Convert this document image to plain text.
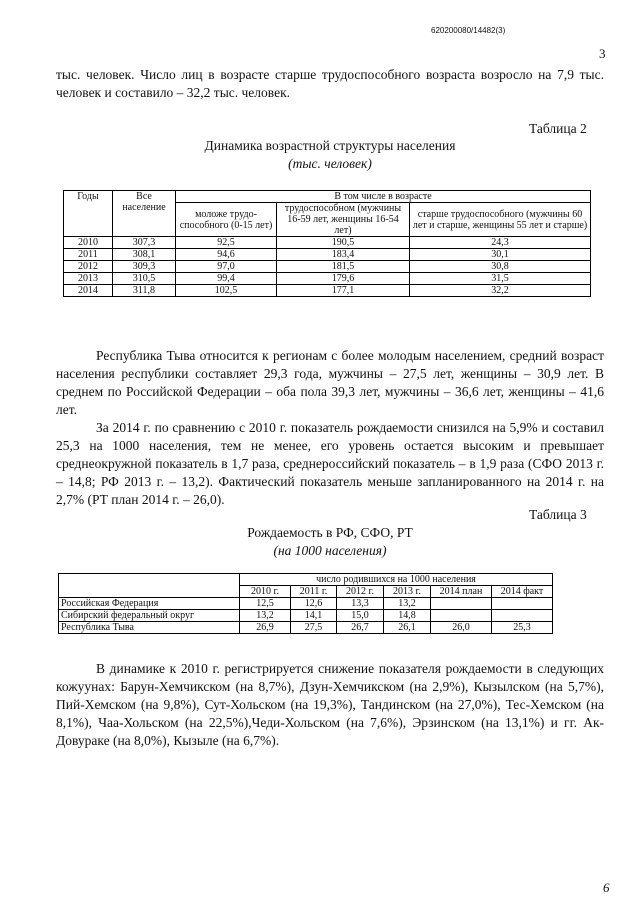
620200080/14482(3)
3
тыс. человек. Число лиц в возрасте старше трудоспособного возраста возросло на 7,9 тыс. человек и составило – 32,2 тыс. человек.
Таблица 2
Динамика возрастной структуры населения
(тыс. человек)
Годы	Все население	В том числе в возрасте		
		моложе трудо-способного (0-15 лет)	трудоспособном (мужчины 16-59 лет, женщины 16-54 лет)	старше трудоспособного (мужчины 60 лет и старше, женщины 55 лет и старше)
2010	307,3	92,5	190,5	24,3
2011	308,1	94,6	183,4	30,1
2012	309,3	97,0	181,5	30,8
2013	310,5	99,4	179,6	31,5
2014	311,8	102,5	177,1	32,2
Республика Тыва относится к регионам с более молодым населением, средний возраст населения республики составляет 29,3 года, мужчины – 27,5 лет, женщины – 30,9 лет. В среднем по Российской Федерации – оба пола 39,3 лет, мужчины – 36,6 лет, женщины – 41,6 лет.
За 2014 г. по сравнению с 2010 г. показатель рождаемости снизился на 5,9% и составил 25,3 на 1000 населения, тем не менее, его уровень остается высоким и превышает среднеокружной показатель в 1,7 раза, среднероссийский показатель – в 1,9 раза (СФО 2013 г. – 14,8; РФ 2013 г. – 13,2). Фактический показатель меньше запланированного на 2014 г. на 2,7% (РТ план 2014 г. – 26,0).
Таблица 3
Рождаемость в РФ, СФО, РТ
(на 1000 населения)
	число родившихся на 1000 населения					
	2010 г.	2011 г.	2012 г.	2013 г.	2014 план	2014 факт
Российская Федерация	12,5	12,6	13,3	13,2		
Сибирский федеральный округ	13,2	14,1	15,0	14,8		
Республика Тыва	26,9	27,5	26,7	26,1	26,0	25,3
В динамике к 2010 г. регистрируется снижение показателя рождаемости в следующих кожуунах: Барун-Хемчикском (на 8,7%), Дзун-Хемчикском (на 2,9%), Кызылском (на 5,7%), Пий-Хемском (на 9,8%), Сут-Хольском (на 19,3%), Тандинском (на 27,0%), Тес-Хемском (на 8,1%), Чаа-Хольском (на 22,5%),Чеди-Хольском (на 7,6%), Эрзинском (на 13,1%) и гг. Ак-Довураке (на 8,0%), Кызыле (на 6,7%).
6
